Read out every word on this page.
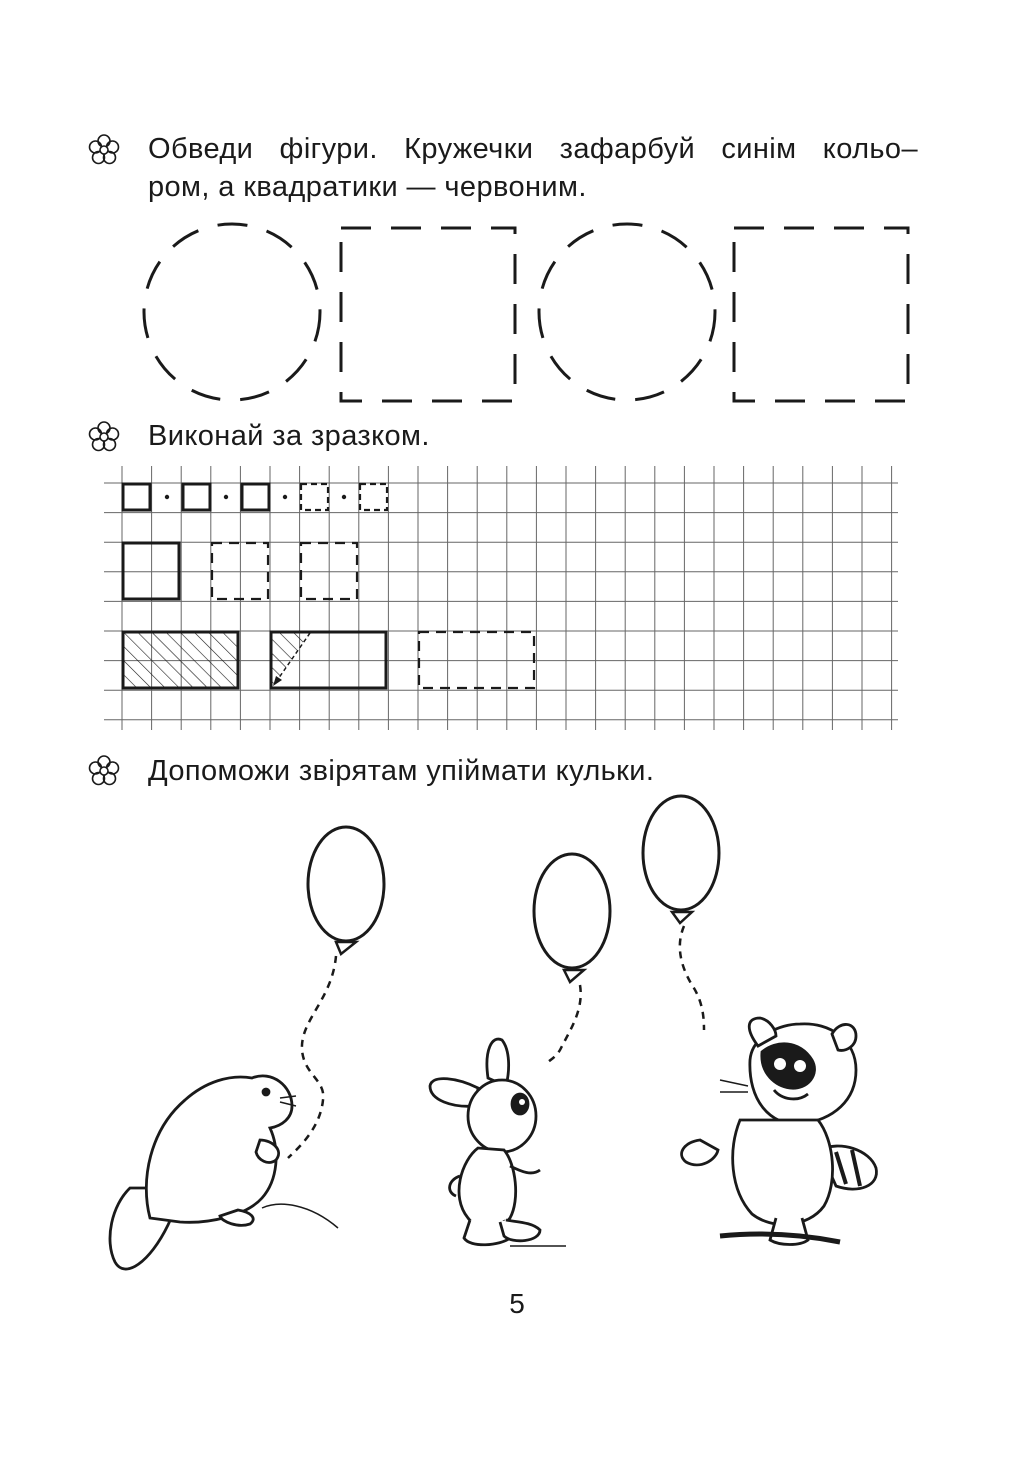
Обведи фігури. Кружечки зафарбуй синім кольо–
ром, а квадратики — червоним.
Виконай за зразком.
Допоможи звірятам упіймати кульки.
5
